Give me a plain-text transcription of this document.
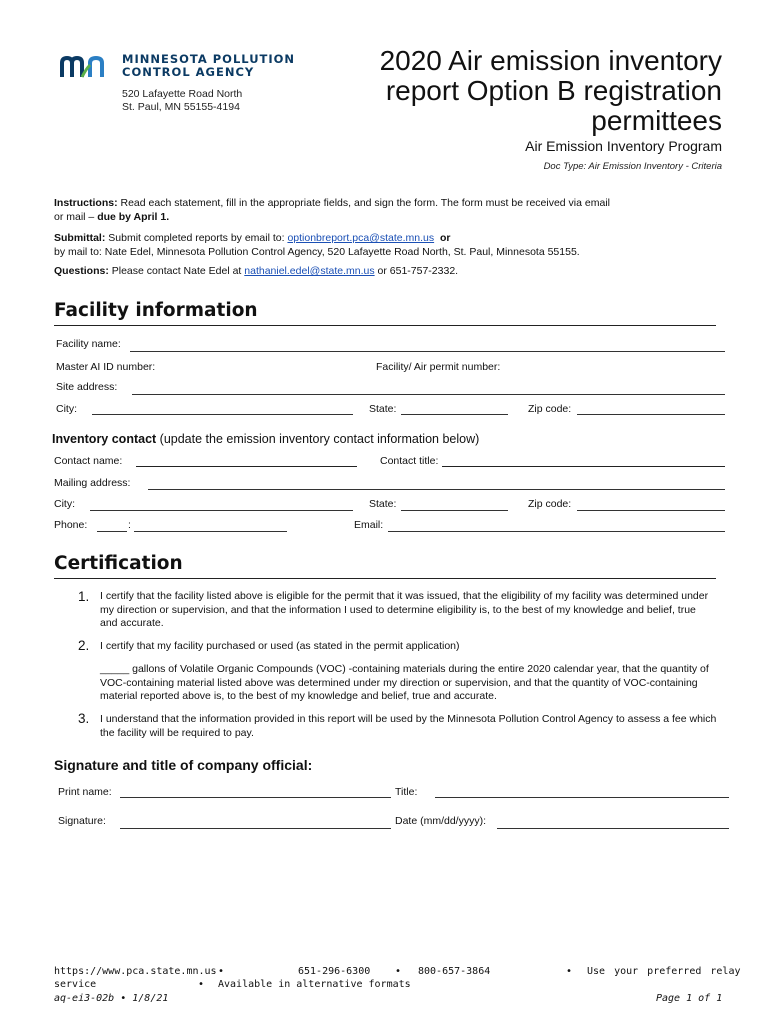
MINNESOTA POLLUTION
CONTROL AGENCY
520 Lafayette Road North
St. Paul, MN 55155-4194
2020 Air emission inventory report Option B registration permittees
Air Emission Inventory Program
Doc Type: Air Emission Inventory - Criteria
Instructions: Read each statement, fill in the appropriate fields, and sign the form. The form must be received via email
or mail – due by April 1.
Submittal: Submit completed reports by email to: optionbreport.pca@state.mn.us or
by mail to: Nate Edel, Minnesota Pollution Control Agency, 520 Lafayette Road North, St. Paul, Minnesota 55155.
Questions: Please contact Nate Edel at nathaniel.edel@state.mn.us or 651-757-2332.
Facility information
Facility name:
Master AI ID number:	Facility/ Air permit number:
Site address:
City:	State:	Zip code:
Inventory contact (update the emission inventory contact information below)
Contact name:	Contact title:
Mailing address:
City:	State:	Zip code:
Phone:	:	Email:
Certification
1. I certify that the facility listed above is eligible for the permit that it was issued, that the eligibility of my facility was determined under my direction or supervision, and that the information I used to determine eligibility is, to the best of my knowledge and belief, true and accurate.
2. I certify that my facility purchased or used (as stated in the permit application)
_____ gallons of Volatile Organic Compounds (VOC) -containing materials during the entire 2020 calendar year, that the quantity of VOC-containing material listed above was determined under my direction or supervision, and that the quantity of VOC-containing material reported above is, to the best of my knowledge and belief, true and accurate.
3. I understand that the information provided in this report will be used by the Minnesota Pollution Control Agency to assess a fee which the facility will be required to pay.
Signature and title of company official:
Print name:	Title:
Signature:	Date (mm/dd/yyyy):
https://www.pca.state.mn.us •	651-296-6300 • 800-657-3864	• Use your preferred relay
service	• Available in alternative formats
aq-ei3-02b • 1/8/21	Page 1 of 1
